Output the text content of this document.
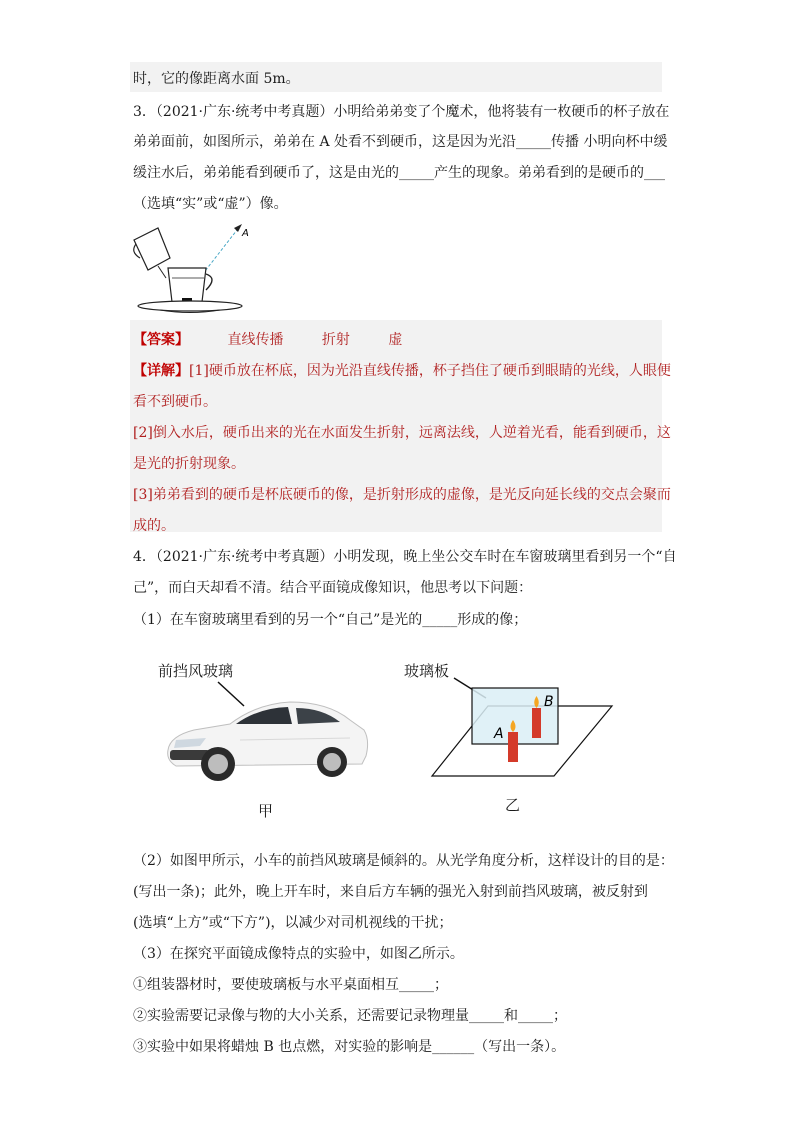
时，它的像距离水面 5m。
3．（2021·广东·统考中考真题）小明给弟弟变了个魔术，他将装有一枚硬币的杯子放在
弟弟面前，如图所示，弟弟在 A 处看不到硬币，这是因为光沿_____传播 小明向杯中缓
缓注水后，弟弟能看到硬币了，这是由光的_____产生的现象。弟弟看到的是硬币的___
（选填“实”或“虚”）像。
A
【答案】	直线传播	折射	虚
【详解】[1]硬币放在杯底，因为光沿直线传播，杯子挡住了硬币到眼睛的光线，人眼便
看不到硬币。
[2]倒入水后，硬币出来的光在水面发生折射，远离法线，人逆着光看，能看到硬币，这
是光的折射现象。
[3]弟弟看到的硬币是杯底硬币的像，是折射形成的虚像，是光反向延长线的交点会聚而
成的。
4．（2021·广东·统考中考真题）小明发现，晚上坐公交车时在车窗玻璃里看到另一个“自
己”，而白天却看不清。结合平面镜成像知识，他思考以下问题：
（1）在车窗玻璃里看到的另一个“自己”是光的_____形成的像；
前挡风玻璃
甲
玻璃板
B
A
乙
（2）如图甲所示，小车的前挡风玻璃是倾斜的。从光学角度分析，这样设计的目的是：
(写出一条)；此外，晚上开车时，来自后方车辆的强光入射到前挡风玻璃，被反射到
(选填“上方”或“下方”)，以减少对司机视线的干扰；
（3）在探究平面镜成像特点的实验中，如图乙所示。
①组装器材时，要使玻璃板与水平桌面相互_____；
②实验需要记录像与物的大小关系，还需要记录物理量_____和_____；
③实验中如果将蜡烛 B 也点燃，对实验的影响是______（写出一条）。
